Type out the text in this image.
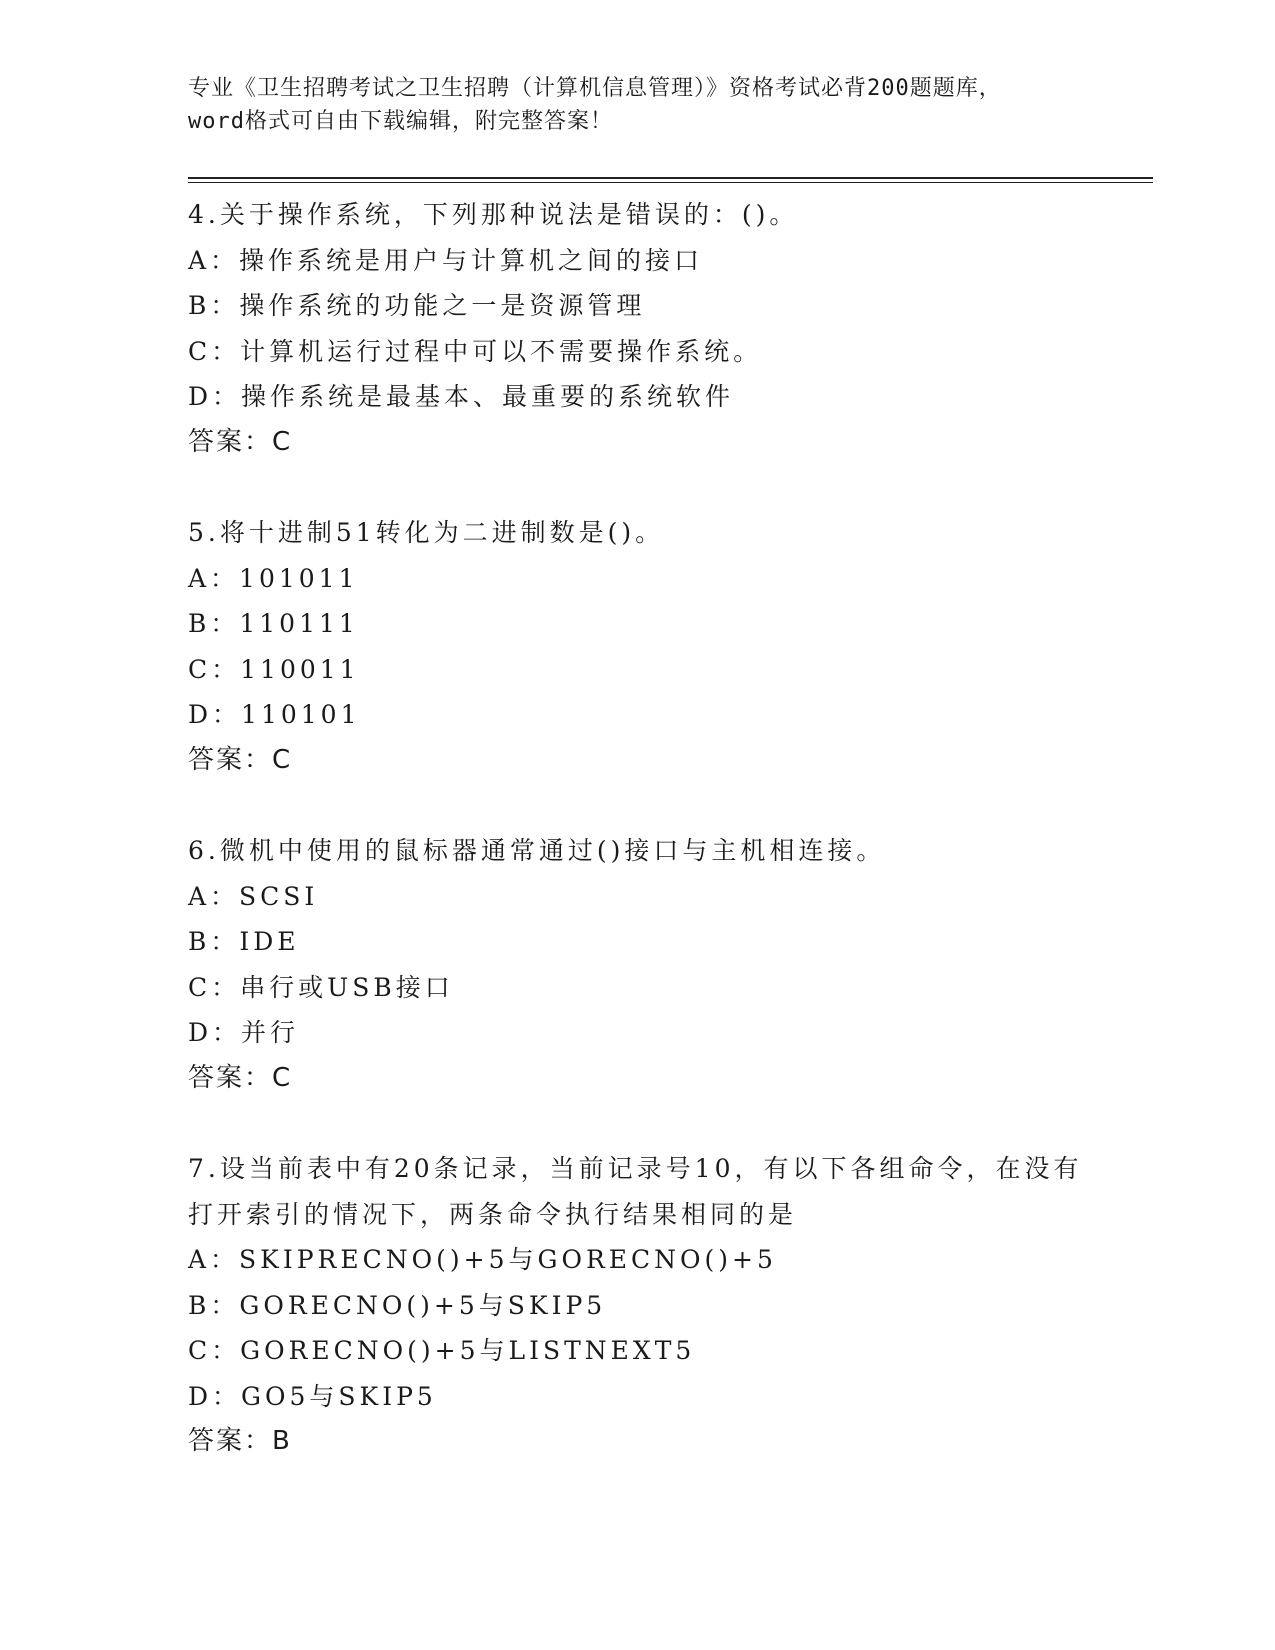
专业《卫生招聘考试之卫生招聘（计算机信息管理）》资格考试必背200题题库，
word格式可自由下载编辑，附完整答案！
4.关于操作系统，下列那种说法是错误的：()。
A：操作系统是用户与计算机之间的接口
B：操作系统的功能之一是资源管理
C：计算机运行过程中可以不需要操作系统。
D：操作系统是最基本、最重要的系统软件
答案：C
5.将十进制51转化为二进制数是()。
A：101011
B：110111
C：110011
D：110101
答案：C
6.微机中使用的鼠标器通常通过()接口与主机相连接。
A：SCSI
B：IDE
C：串行或USB接口
D：并行
答案：C
7.设当前表中有20条记录，当前记录号10，有以下各组命令，在没有
打开索引的情况下，两条命令执行结果相同的是
A：SKIPRECNO()+5与GORECNO()+5
B：GORECNO()+5与SKIP5
C：GORECNO()+5与LISTNEXT5
D：GO5与SKIP5
答案：B
